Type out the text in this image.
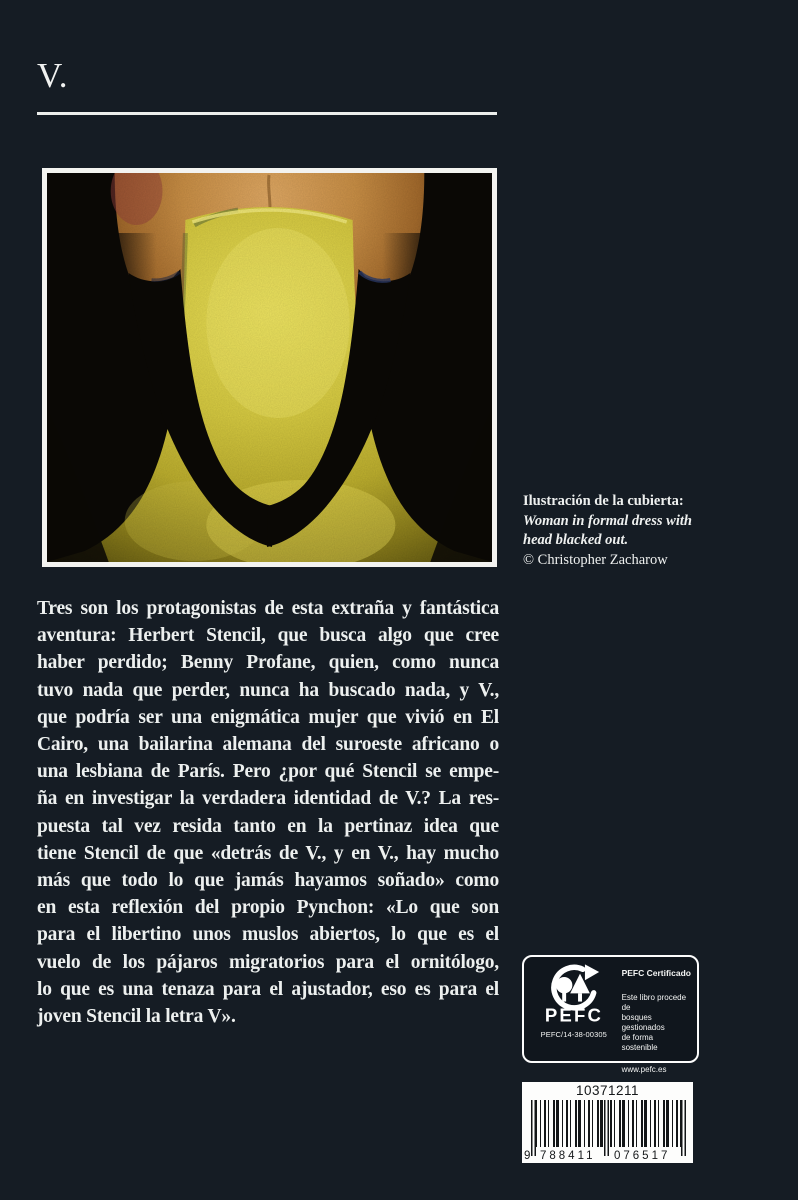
V.
Ilustración de la cubierta:
Woman in formal dress with
head blacked out.
© Christopher Zacharow
Tres son los protagonistas de esta extraña y fantástica
aventura: Herbert Stencil, que busca algo que cree
haber perdido; Benny Profane, quien, como nunca
tuvo nada que perder, nunca ha buscado nada, y V.,
que podría ser una enigmática mujer que vivió en El
Cairo, una bailarina alemana del suroeste africano o
una lesbiana de París. Pero ¿por qué Stencil se empe-
ña en investigar la verdadera identidad de V.? La res-
puesta tal vez resida tanto en la pertinaz idea que
tiene Stencil de que «detrás de V., y en V., hay mucho
más que todo lo que jamás hayamos soñado» como
en esta reflexión del propio Pynchon: «Lo que son
para el libertino unos muslos abiertos, lo que es el
vuelo de los pájaros migratorios para el ornitólogo,
lo que es una tenaza para el ajustador, eso es para el
joven Stencil la letra V».	PEFC
PEFC/14-38-00305
PEFC Certificado
Este libro procede de
bosques gestionados
de forma sostenible
www.pefc.es
10371211
9 788411 076517
